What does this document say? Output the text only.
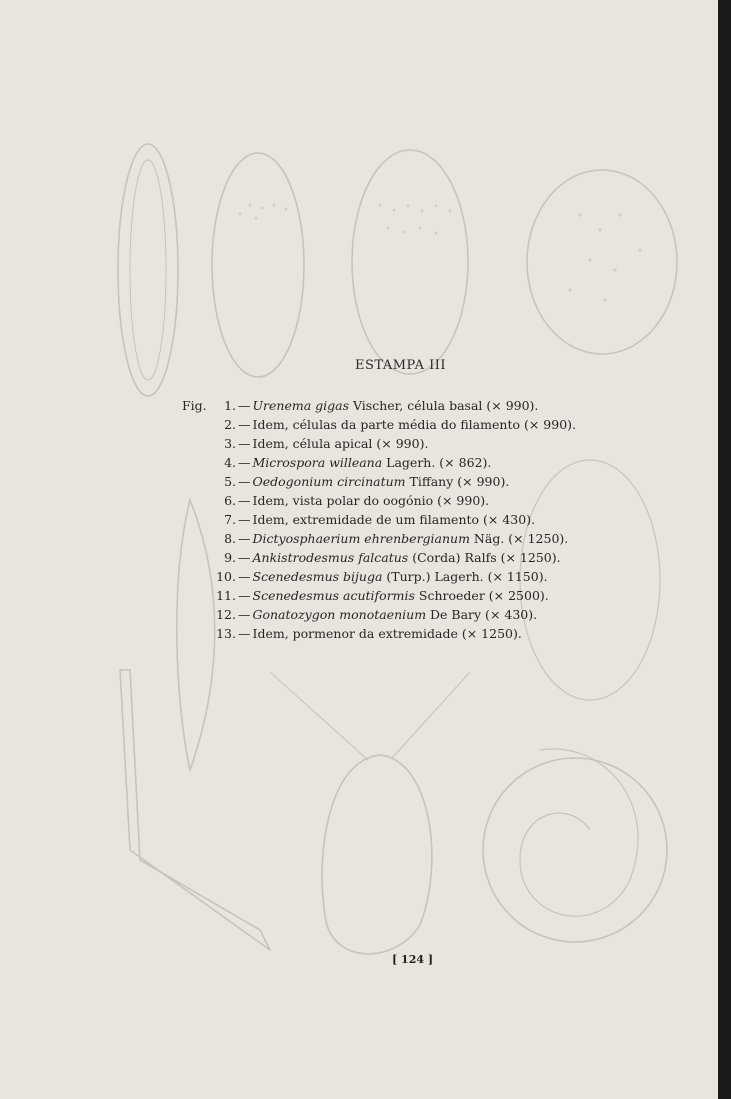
ESTAMPA III
Fig.	1. — Urenema gigas Vischer, célula basal (× 990).
2. — Idem, células da parte média do filamento (× 990).
3. — Idem, célula apical (× 990).
4. — Microspora willeana Lagerh. (× 862).
5. — Oedogonium circinatum Tiffany (× 990).
6. — Idem, vista polar do oogónio (× 990).
7. — Idem, extremidade de um filamento (× 430).
8. — Dictyosphaerium ehrenbergianum Näg. (× 1250).
9. — Ankistrodesmus falcatus (Corda) Ralfs (× 1250).
10. — Scenedesmus bijuga (Turp.) Lagerh. (× 1150).
11. — Scenedesmus acutiformis Schroeder (× 2500).
12. — Gonatozygon monotaenium De Bary (× 430).
13. — Idem, pormenor da extremidade (× 1250).
[ 124 ]
